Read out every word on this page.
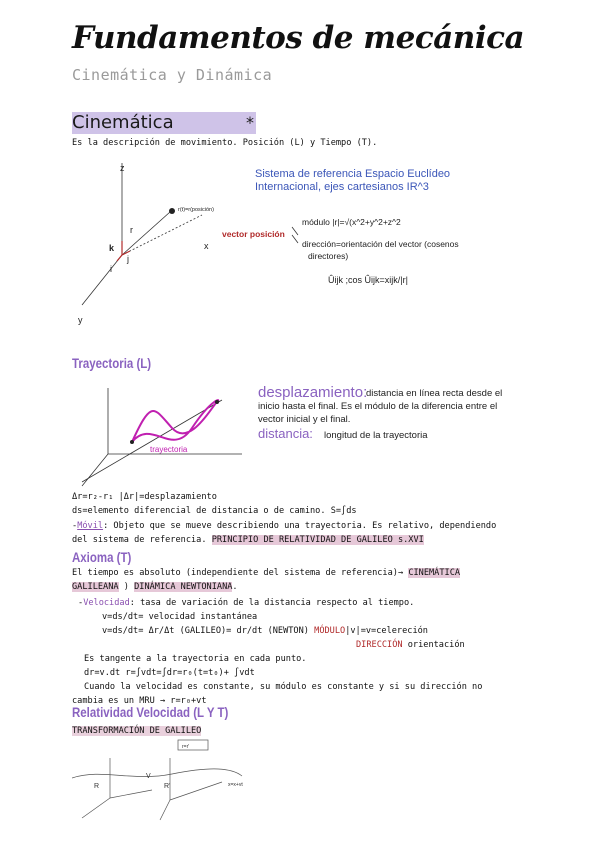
Fundamentos de mecánica
Cinemática y Dinámica
Cinemática	*
Es la descripción de movimiento. Posición (L) y Tiempo (T).
z
x
y
r(t)=r(posición)
r
k
j
i
Sistema de referencia Espacio Euclídeo
Internacional, ejes cartesianos IR^3
vector posición
módulo |r|=√(x^2+y^2+z^2
dirección=orientación del vector (cosenos
directores)
Ûijk ;cos Ûijk=xijk/|r|
Trayectoria (L)
trayectoria
desplazamiento:
distancia en línea recta desde el
inicio hasta el final. Es el módulo de la diferencia entre el
vector inicial y el final.
distancia: longitud de la trayectoria
Δr=r₂-r₁ |Δr|=desplazamiento
ds=elemento diferencial de distancia o de camino. S=∫ds
-Móvil: Objeto que se mueve describiendo una trayectoria. Es relativo, dependiendo
del sistema de referencia. PRINCIPIO DE RELATIVIDAD DE GALILEO s.XVI
Axioma (T)
El tiempo es absoluto (independiente del sistema de referencia)→ CINEMÁTICA
GALILEANA ) DINÁMICA NEWTONIANA.
-Velocidad: tasa de variación de la distancia respecto al tiempo.
v=ds/dt= velocidad instantánea
v=ds/dt= Δr/Δt (GALILEO)= dr/dt (NEWTON) MÓDULO|v|=v=celereción
DIRECCIÓN orientación
Es tangente a la trayectoria en cada punto.
dr=v.dt r=∫vdt=∫dr=r₀(t=t₀)+ ∫vdt
Cuando la velocidad es constante, su módulo es constante y si su dirección no
cambia es un MRU → r=r₀+vt
Relatividad Velocidad (L Y T)
TRANSFORMACIÓN DE GALILEO
V
R	R'
r=r'
x=x+vt
